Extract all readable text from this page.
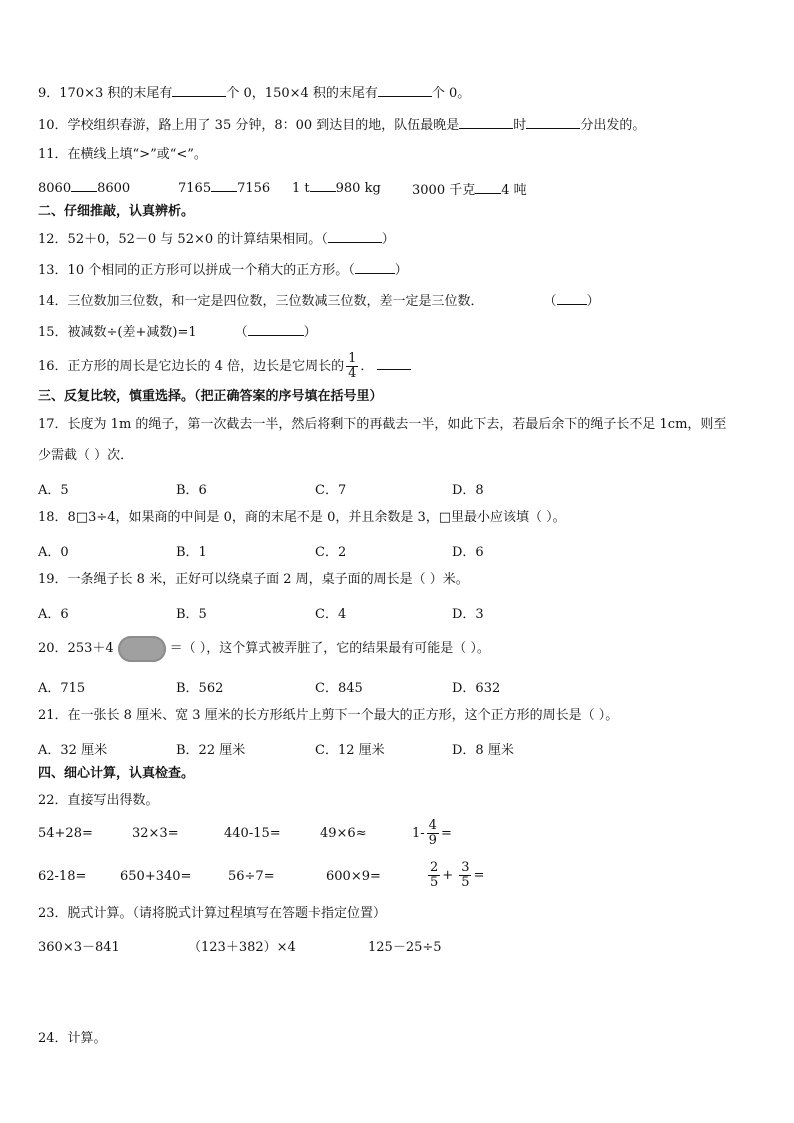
9．170×3 积的末尾有	个 0，150×4 积的末尾有	个 0。
10．学校组织春游，路上用了 35 分钟，8：00 到达目的地，队伍最晚是	时	分出发的。
11．在横线上填“>”或“<”。
8060 8600	7165 7156 1 t 980 kg 3000 千克 4 吨
二、仔细推敲，认真辨析。
12．52＋0，52－0 与 52×0 的计算结果相同。（	）
13．10 个相同的正方形可以拼成一个稍大的正方形。（	）
14．三位数加三位数，和一定是四位数，三位数减三位数，差一定是三位数．	（ ）
15．被减数÷(差+减数)=1	（	）
16．正方形的周长是它边长的 4 倍，边长是它周长的 $\frac{1}{4}$ ．
三、反复比较，慎重选择。（把正确答案的序号填在括号里）
17．长度为 1m 的绳子，第一次截去一半，然后将剩下的再截去一半，如此下去，若最后余下的绳子长不足 1cm，则至
少需截（ ）次．
A．5	B．6	C．7	D．8
18．8□3÷4，如果商的中间是 0，商的末尾不是 0，并且余数是 3，□里最小应该填（ ）。
A．0	B．1	C．2	D．6
19．一条绳子长 8 米，正好可以绕桌子面 2 周，桌子面的周长是（ ）米。
A．6	B．5	C．4	D．3
20．253＋4	＝（ ），这个算式被弄脏了，它的结果最有可能是（ ）。
A．715	B．562	C．845	D．632
21．在一张长 8 厘米、宽 3 厘米的长方形纸片上剪下一个最大的正方形，这个正方形的周长是（ ）。
A．32 厘米	B．22 厘米	C．12 厘米	D．8 厘米
四、细心计算，认真检查。
22．直接写出得数。
54+28=	32×3=	440-15=	49×6≈	$1- \frac{4}{9}$ =
62-18=	650+340=	56÷7=	600×9=	$\frac{2}{5} + \frac{3}{5}$ =
23．脱式计算。（请将脱式计算过程填写在答题卡指定位置）
360×3－841	（123＋382）×4	125－25÷5
24．计算。
